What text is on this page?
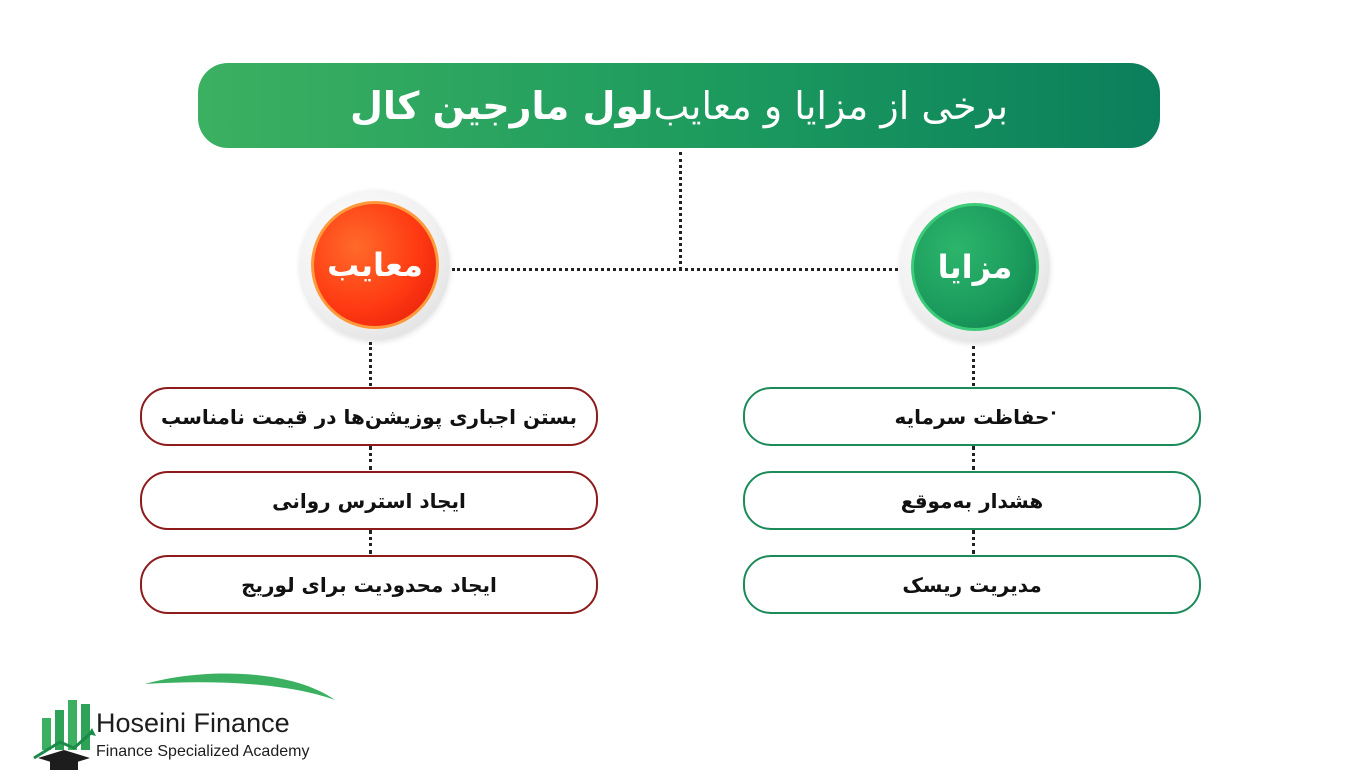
برخی از مزایا و معایب
لول مارجین کال
معایب	مزایا
بستن اجباری پوزیشن‌ها در قیمت نامناسب
ایجاد استرس روانی
ایجاد محدودیت برای لوریج
حفاظت سرمایه
۰
هشدار به‌موقع
مدیریت ریسک
Hoseini Finance
Finance Specialized Academy
